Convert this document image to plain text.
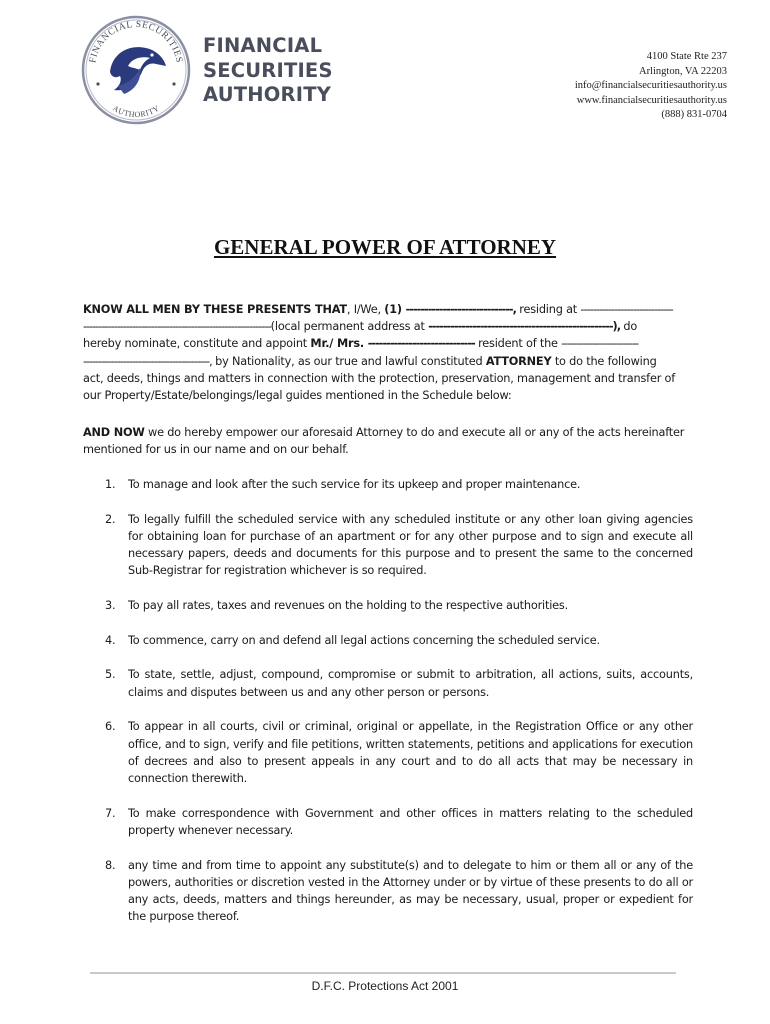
FINANCIAL SECURITIES
AUTHORITY
FINANCIAL
SECURITIES
AUTHORITY
4100 State Rte 237
Arlington, VA 22203
info@financialsecuritiesauthority.us
www.financialsecuritiesauthority.us
(888) 831-0704
GENERAL POWER OF ATTORNEY
KNOW ALL MEN BY THESE PRESENTS THAT, I/We, (1) -----------------------------, residing at ------------------------------
-------------------------------------------------------------(local permanent address at --------------------------------------------------), do
hereby nominate, constitute and appoint Mr./ Mrs. ----------------------------- resident of the -------------------------
-----------------------------------------, by Nationality, as our true and lawful constituted ATTORNEY to do the following
act, deeds, things and matters in connection with the protection, preservation, management and transfer of
our Property/Estate/belongings/legal guides mentioned in the Schedule below:
AND NOW we do hereby empower our aforesaid Attorney to do and execute all or any of the acts hereinafter mentioned for us in our name and on our behalf.
1. To manage and look after the such service for its upkeep and proper maintenance.
2. To legally fulfill the scheduled service with any scheduled institute or any other loan giving agencies for obtaining loan for purchase of an apartment or for any other purpose and to sign and execute all necessary papers, deeds and documents for this purpose and to present the same to the concerned Sub-Registrar for registration whichever is so required.
3. To pay all rates, taxes and revenues on the holding to the respective authorities.
4. To commence, carry on and defend all legal actions concerning the scheduled service.
5. To state, settle, adjust, compound, compromise or submit to arbitration, all actions, suits, accounts, claims and disputes between us and any other person or persons.
6. To appear in all courts, civil or criminal, original or appellate, in the Registration Office or any other office, and to sign, verify and file petitions, written statements, petitions and applications for execution of decrees and also to present appeals in any court and to do all acts that may be necessary in connection therewith.
7. To make correspondence with Government and other offices in matters relating to the scheduled property whenever necessary.
8. any time and from time to appoint any substitute(s) and to delegate to him or them all or any of the powers, authorities or discretion vested in the Attorney under or by virtue of these presents to do all or any acts, deeds, matters and things hereunder, as may be necessary, usual, proper or expedient for the purpose thereof.
D.F.C. Protections Act 2001
